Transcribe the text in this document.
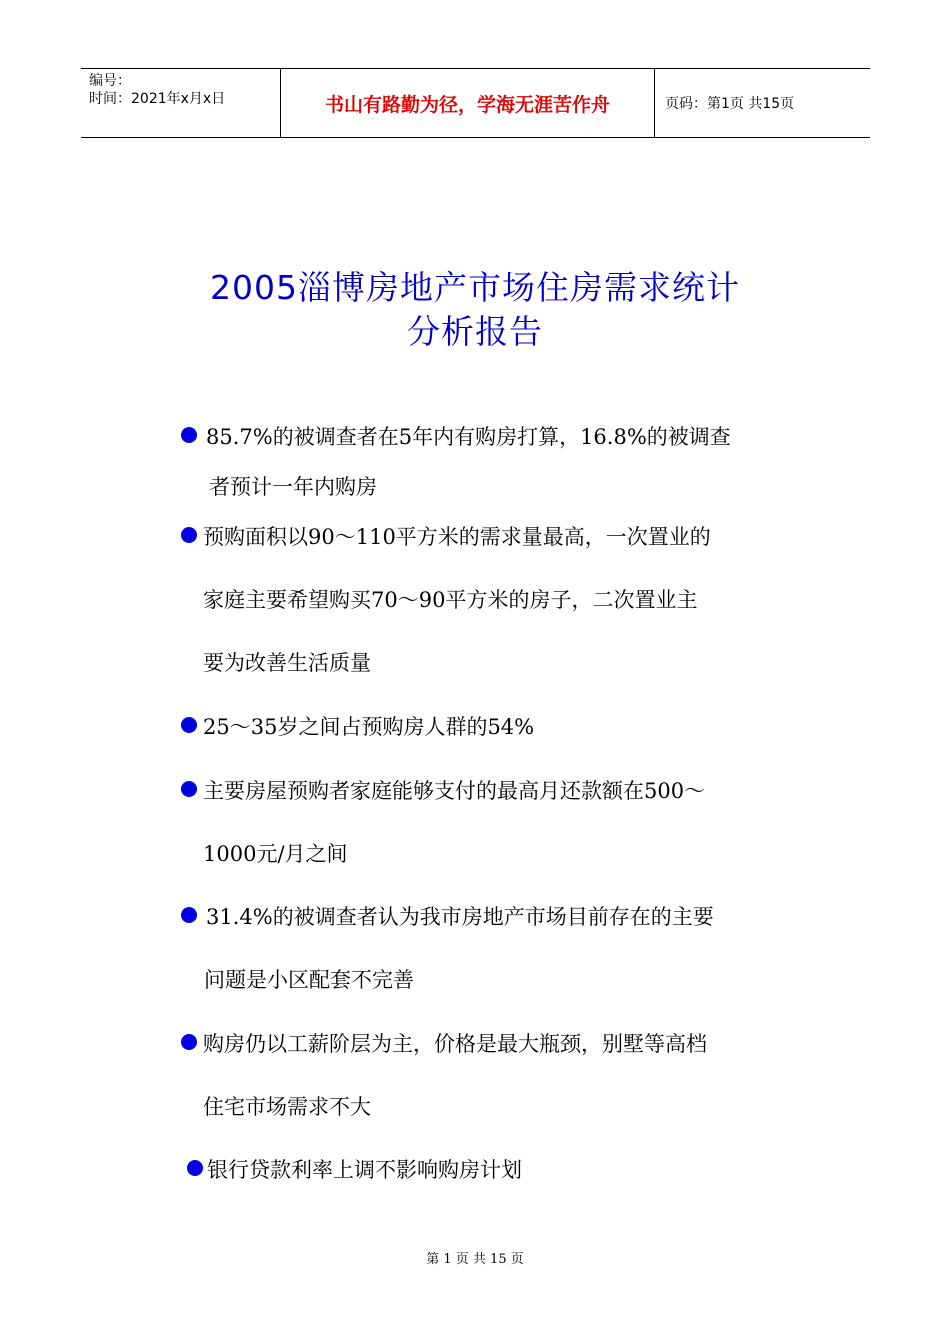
编号：
时间：2021年x月x日	书山有路勤为径，学海无涯苦作舟	页码：第1页 共15页
2005淄博房地产市场住房需求统计
分析报告
85.7%的被调查者在5年内有购房打算，16.8%的被调查
者预计一年内购房
预购面积以90～110平方米的需求量最高，一次置业的
家庭主要希望购买70～90平方米的房子，二次置业主
要为改善生活质量
25～35岁之间占预购房人群的54%
主要房屋预购者家庭能够支付的最高月还款额在500～
1000元/月之间
31.4%的被调查者认为我市房地产市场目前存在的主要
问题是小区配套不完善
购房仍以工薪阶层为主，价格是最大瓶颈，别墅等高档
住宅市场需求不大
银行贷款利率上调不影响购房计划
第 1 页 共 15 页
